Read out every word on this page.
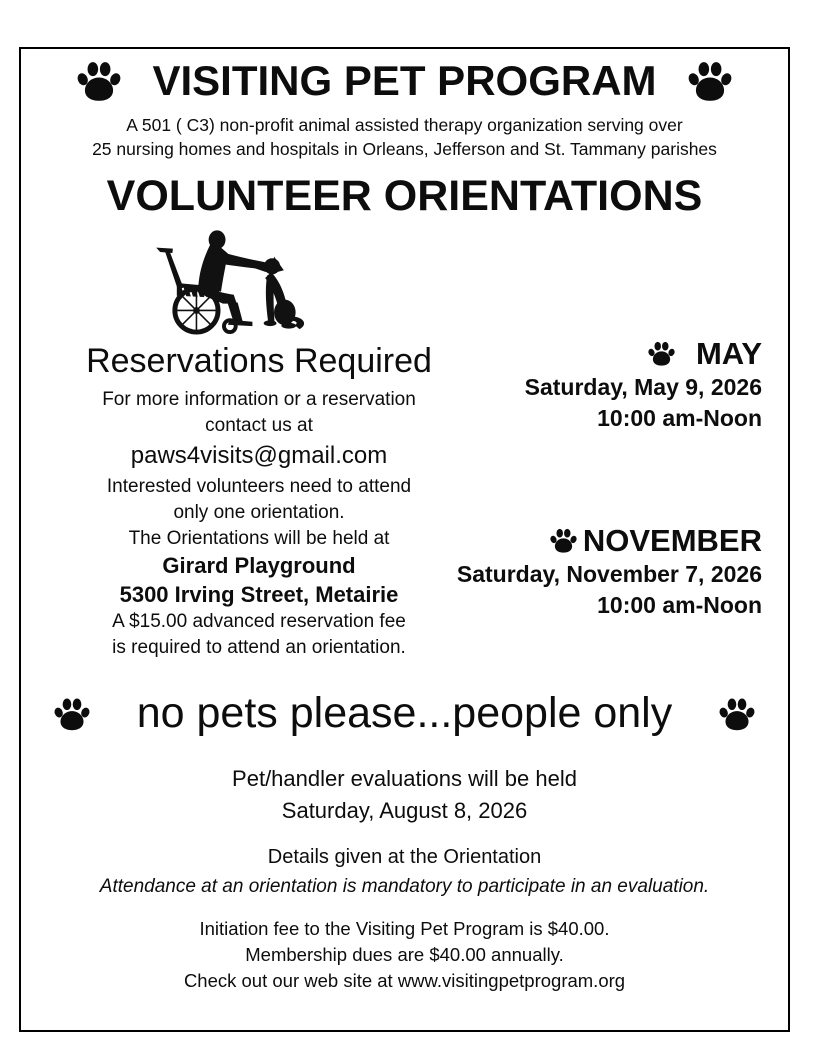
VISITING PET PROGRAM
A 501 ( C3) non-profit animal assisted therapy organization serving over
25 nursing homes and hospitals in Orleans, Jefferson and St. Tammany parishes
VOLUNTEER ORIENTATIONS
Reservations Required
For more information or a reservation
contact us at
paws4visits@gmail.com
Interested volunteers need to attend
only one orientation.
The Orientations will be held at
Girard Playground
5300 Irving Street, Metairie
A $15.00 advanced reservation fee
is required to attend an orientation.
MAY
Saturday, May 9, 2026
10:00 am-Noon
NOVEMBER
Saturday, November 7, 2026
10:00 am-Noon
no pets please...people only
Pet/handler evaluations will be held
Saturday, August 8, 2026
Details given at the Orientation
Attendance at an orientation is mandatory to participate in an evaluation.
Initiation fee to the Visiting Pet Program is $40.00.
Membership dues are $40.00 annually.
Check out our web site at www.visitingpetprogram.org
